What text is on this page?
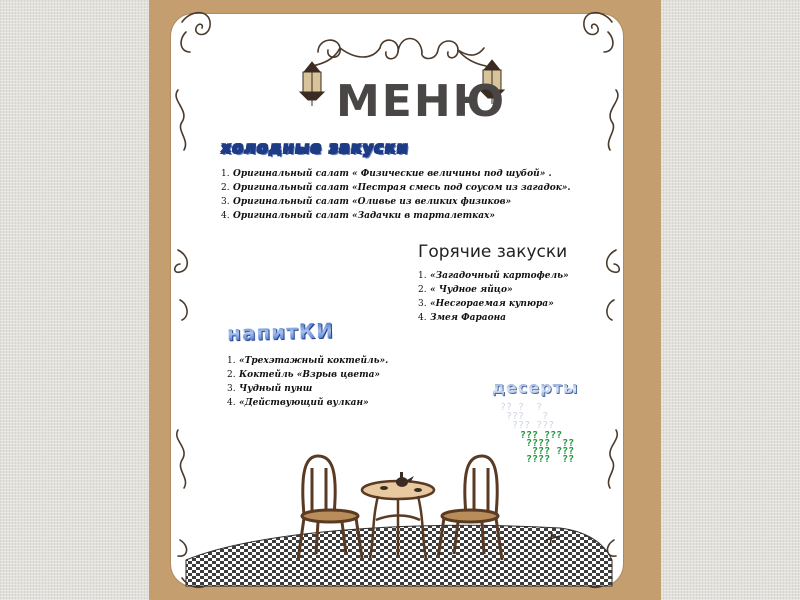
МЕНЮ
холодные закуски
1. Оригинальный салат « Физические величины под шубой» .
2. Оригинальный салат «Пестрая смесь под соусом из загадок».
3. Оригинальный салат «Оливье из великих физиков»
4. Оригинальный салат «Задачки в тарталетках»
Горячие закуски
1. «Загадочный картофель»
2. « Чудное яйцо»
3. «Несгораемая купюра»
4. Змея Фараона
напитКИ
1. «Трехэтажный коктейль».
2. Коктейль «Взрыв цвета»
3. Чудный пунш
4. «Действующий вулкан»
десерты
?? ?  ?
???   ?
??? ???
??? ???
????  ??
??? ???
????  ??
